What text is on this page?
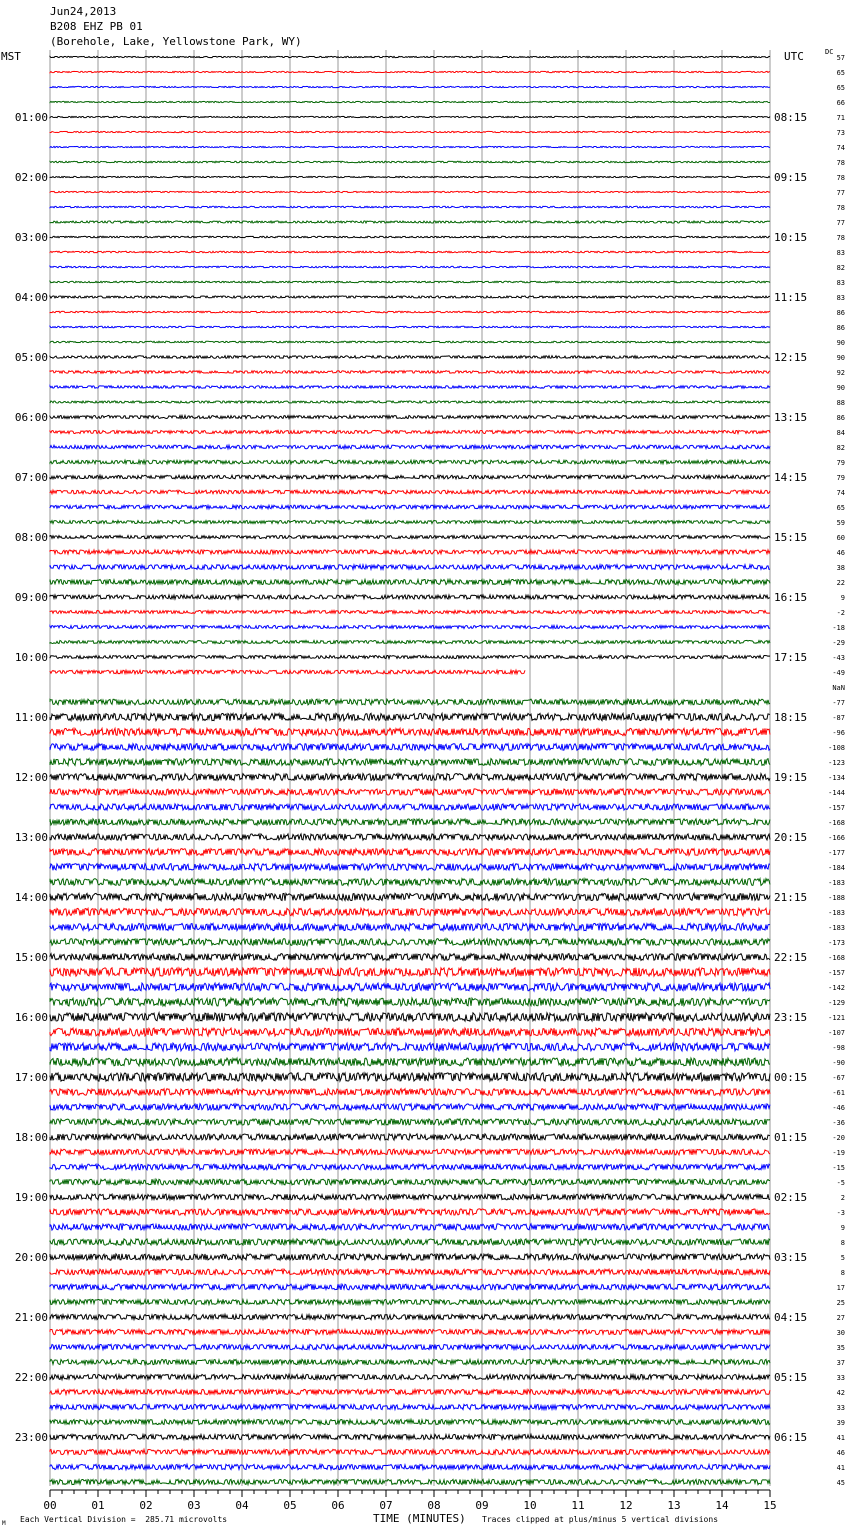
Jun24,2013
B208 EHZ PB 01
(Borehole, Lake, Yellowstone Park, WY)
MST	UTC	DC
57
65
65
66
71
73
74
78
78
77
78
77
78
83
82
83
83
86
86
90
90
92
90
88
86
84
82
79
79
74
65
59
60
46
38
22
9
-2
-18
-29
-43
-49
NaN
-77
-87
-96
-108
-123
-134
-144
-157
-168
-166
-177
-184
-183
-188
-183
-183
-173
-168
-157
-142
-129
-121
-107
-98
-90
-67
-61
-46
-36
-20
-19
-15
-5
2
-3
9
8
5
8
17
25
27
30
35
37
33
42
33
39
41
46
41
45
01:00
02:00
03:00
04:00
05:00
06:00
07:00
08:00
09:00
10:00
11:00
12:00
13:00
14:00
15:00
16:00
17:00
18:00
19:00
20:00
21:00
22:00
23:00
08:15
09:15
10:15
11:15
12:15
13:15
14:15
15:15
16:15
17:15
18:15
19:15
20:15
21:15
22:15
23:15
00:15
01:15
02:15
03:15
04:15
05:15
06:15
00	01	02	03	04	05	06	07	08	09	10	11	12	13	14	15
M Each Vertical Division =  285.71 microvolts	TIME (MINUTES) Traces clipped at plus/minus 5 vertical divisions
